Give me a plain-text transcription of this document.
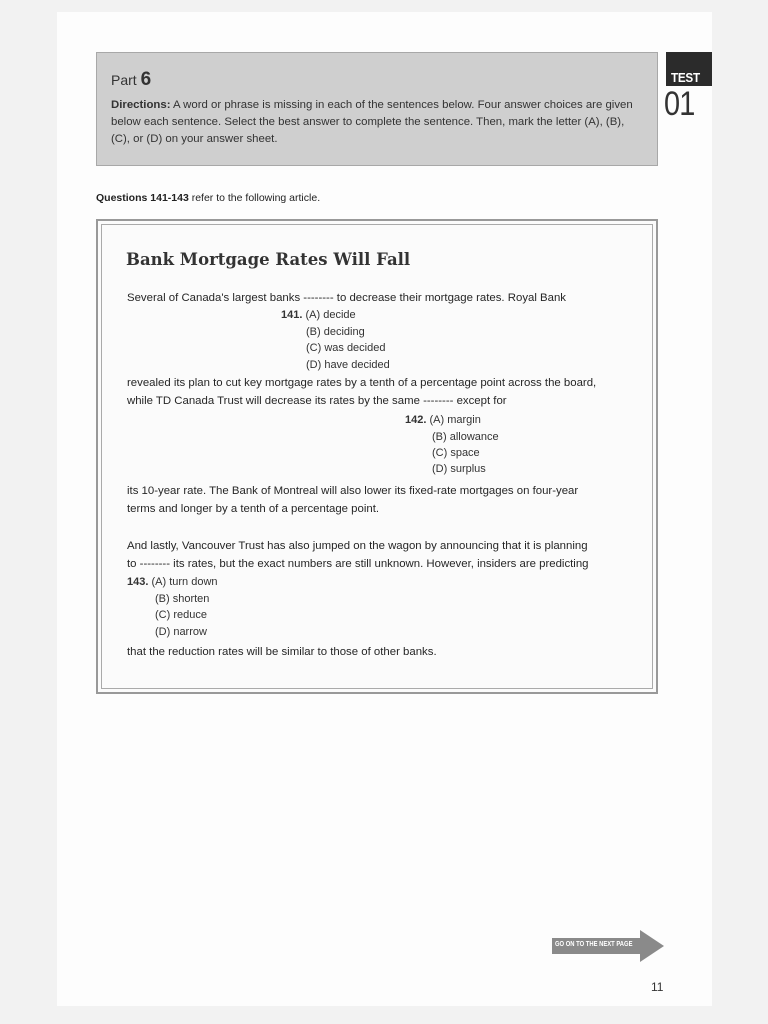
Part 6
Directions: A word or phrase is missing in each of the sentences below. Four answer choices are given below each sentence. Select the best answer to complete the sentence. Then, mark the letter (A), (B), (C), or (D) on your answer sheet.
TEST
01
Questions 141-143 refer to the following article.
Bank Mortgage Rates Will Fall
Several of Canada's largest banks -------- to decrease their mortgage rates. Royal Bank
141. (A) decide
(B) deciding
(C) was decided
(D) have decided
revealed its plan to cut key mortgage rates by a tenth of a percentage point across the board,
while TD Canada Trust will decrease its rates by the same -------- except for
142. (A) margin
(B) allowance
(C) space
(D) surplus
its 10-year rate. The Bank of Montreal will also lower its fixed-rate mortgages on four-year
terms and longer by a tenth of a percentage point.
And lastly, Vancouver Trust has also jumped on the wagon by announcing that it is planning
to -------- its rates, but the exact numbers are still unknown. However, insiders are predicting
143. (A) turn down
(B) shorten
(C) reduce
(D) narrow
that the reduction rates will be similar to those of other banks.
GO ON TO THE NEXT PAGE
11
